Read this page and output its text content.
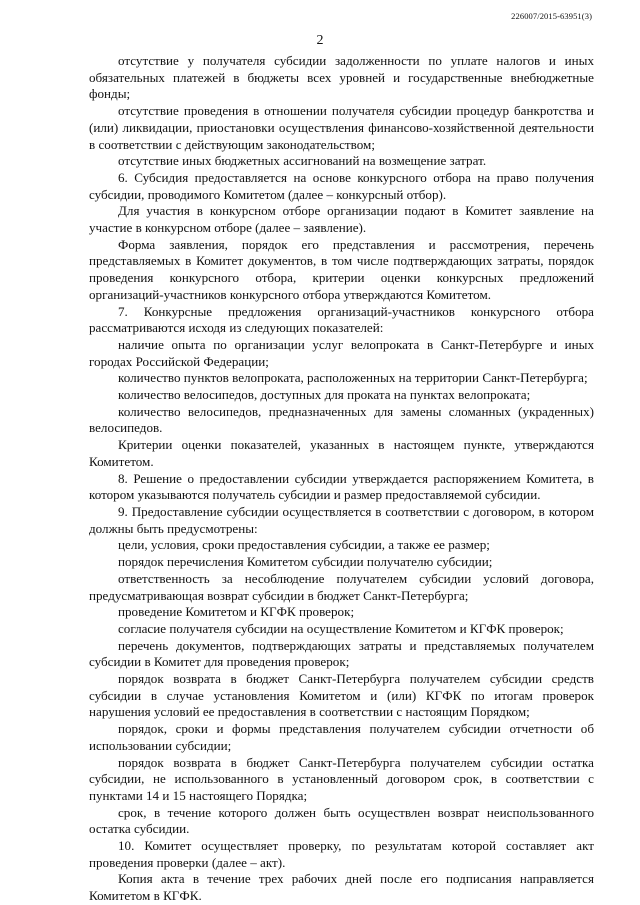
226007/2015-63951(3)
2

отсутствие у получателя субсидии задолженности по уплате налогов и иных обязательных платежей в бюджеты всех уровней и государственные внебюджетные фонды;

отсутствие проведения в отношении получателя субсидии процедур банкротства и (или) ликвидации, приостановки осуществления финансово-хозяйственной деятельности в соответствии с действующим законодательством;

отсутствие иных бюджетных ассигнований на возмещение затрат.

6. Субсидия предоставляется на основе конкурсного отбора на право получения субсидии, проводимого Комитетом (далее – конкурсный отбор).

Для участия в конкурсном отборе организации подают в Комитет заявление на участие в конкурсном отборе (далее – заявление).

Форма заявления, порядок его представления и рассмотрения, перечень представляемых в Комитет документов, в том числе подтверждающих затраты, порядок проведения конкурсного отбора, критерии оценки конкурсных предложений организаций-участников конкурсного отбора утверждаются Комитетом.

7. Конкурсные предложения организаций-участников конкурсного отбора рассматриваются исходя из следующих показателей:

наличие опыта по организации услуг велопроката в Санкт-Петербурге и иных городах Российской Федерации;

количество пунктов велопроката, расположенных на территории Санкт-Петербурга;

количество велосипедов, доступных для проката на пунктах велопроката;

количество велосипедов, предназначенных для замены сломанных (украденных) велосипедов.

Критерии оценки показателей, указанных в настоящем пункте, утверждаются Комитетом.

8. Решение о предоставлении субсидии утверждается распоряжением Комитета, в котором указываются получатель субсидии и размер предоставляемой субсидии.

9. Предоставление субсидии осуществляется в соответствии с договором, в котором должны быть предусмотрены:

цели, условия, сроки предоставления субсидии, а также ее размер;

порядок перечисления Комитетом субсидии получателю субсидии;

ответственность за несоблюдение получателем субсидии условий договора, предусматривающая возврат субсидии в бюджет Санкт-Петербурга;

проведение Комитетом и КГФК проверок;

согласие получателя субсидии на осуществление Комитетом и КГФК проверок;

перечень документов, подтверждающих затраты и представляемых получателем субсидии в Комитет для проведения проверок;

порядок возврата в бюджет Санкт-Петербурга получателем субсидии средств субсидии в случае установления Комитетом и (или) КГФК по итогам проверок нарушения условий ее предоставления в соответствии с настоящим Порядком;

порядок, сроки и формы представления получателем субсидии отчетности об использовании субсидии;

порядок возврата в бюджет Санкт-Петербурга получателем субсидии остатка субсидии, не использованного в установленный договором срок, в соответствии с пунктами 14 и 15 настоящего Порядка;

срок, в течение которого должен быть осуществлен возврат неиспользованного остатка субсидии.

10. Комитет осуществляет проверку, по результатам которой составляет акт проведения проверки (далее – акт).

Копия акта в течение трех рабочих дней после его подписания направляется Комитетом в КГФК.
